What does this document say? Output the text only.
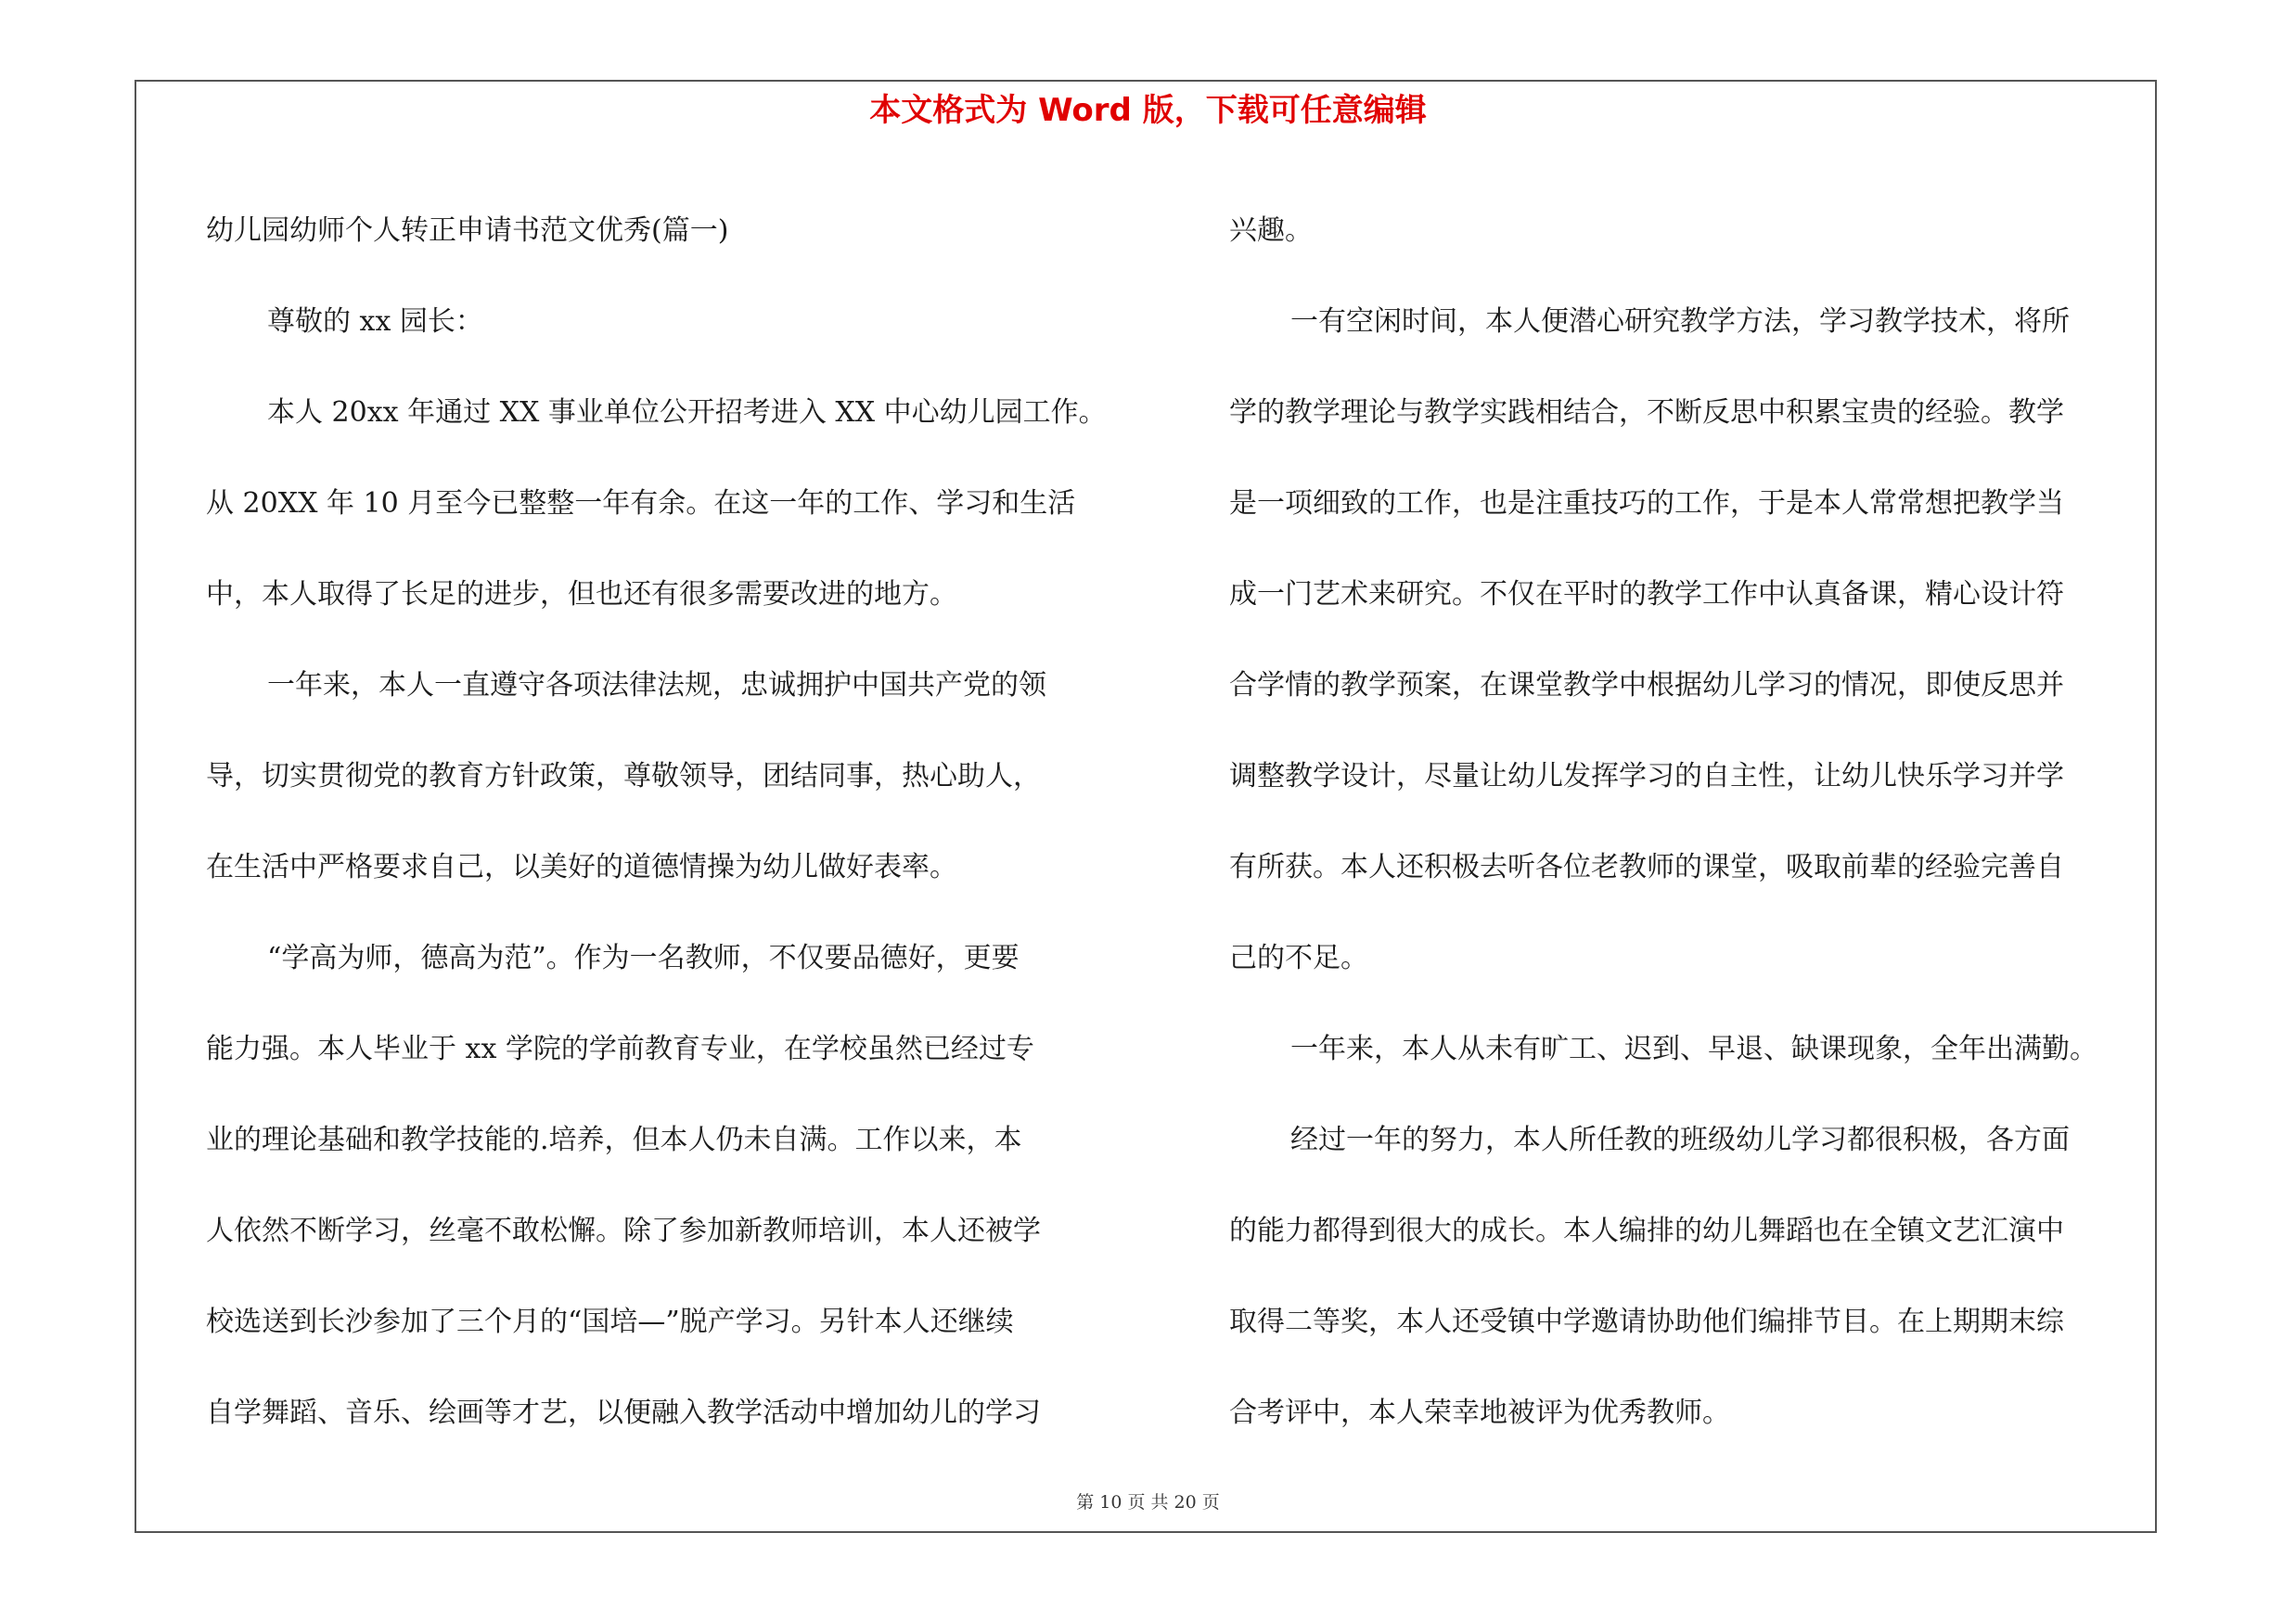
本文格式为 Word 版，下载可任意编辑
幼儿园幼师个人转正申请书范文优秀(篇一)
尊敬的 xx 园长：
本人 20xx 年通过 XX 事业单位公开招考进入 XX 中心幼儿园工作。
从 20XX 年 10 月至今已整整一年有余。在这一年的工作、学习和生活
中，本人取得了长足的进步，但也还有很多需要改进的地方。
一年来，本人一直遵守各项法律法规，忠诚拥护中国共产党的领
导，切实贯彻党的教育方针政策，尊敬领导，团结同事，热心助人，
在生活中严格要求自己，以美好的道德情操为幼儿做好表率。
“学高为师，德高为范”。作为一名教师，不仅要品德好，更要
能力强。本人毕业于 xx 学院的学前教育专业，在学校虽然已经过专
业的理论基础和教学技能的.培养，但本人仍未自满。工作以来，本
人依然不断学习，丝毫不敢松懈。除了参加新教师培训，本人还被学
校选送到长沙参加了三个月的“国培—”脱产学习。另针本人还继续
自学舞蹈、音乐、绘画等才艺，以便融入教学活动中增加幼儿的学习
兴趣。
一有空闲时间，本人便潜心研究教学方法，学习教学技术，将所
学的教学理论与教学实践相结合，不断反思中积累宝贵的经验。教学
是一项细致的工作，也是注重技巧的工作，于是本人常常想把教学当
成一门艺术来研究。不仅在平时的教学工作中认真备课，精心设计符
合学情的教学预案，在课堂教学中根据幼儿学习的情况，即使反思并
调整教学设计，尽量让幼儿发挥学习的自主性，让幼儿快乐学习并学
有所获。本人还积极去听各位老教师的课堂，吸取前辈的经验完善自
己的不足。
一年来，本人从未有旷工、迟到、早退、缺课现象，全年出满勤。
经过一年的努力，本人所任教的班级幼儿学习都很积极，各方面
的能力都得到很大的成长。本人编排的幼儿舞蹈也在全镇文艺汇演中
取得二等奖，本人还受镇中学邀请协助他们编排节目。在上期期末综
合考评中，本人荣幸地被评为优秀教师。
第 10 页 共 20 页
